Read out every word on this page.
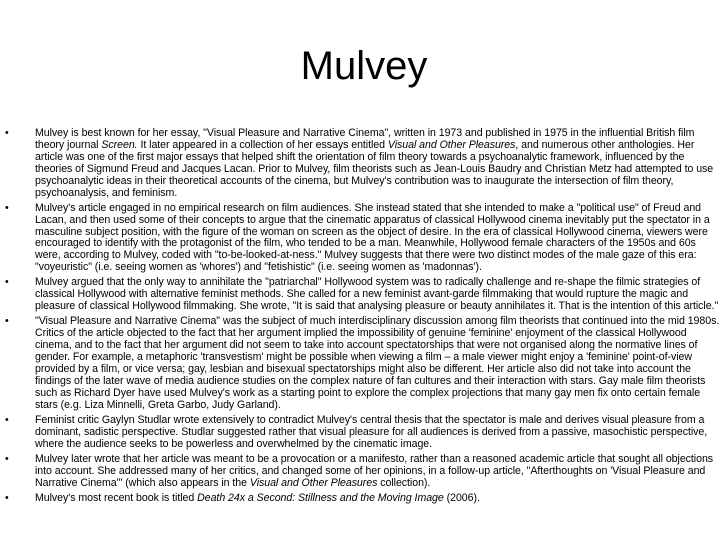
Mulvey
• Mulvey is best known for her essay, "Visual Pleasure and Narrative Cinema", written in 1973 and published in 1975 in the influential British film theory journal Screen. It later appeared in a collection of her essays entitled Visual and Other Pleasures, and numerous other anthologies. Her article was one of the first major essays that helped shift the orientation of film theory towards a psychoanalytic framework, influenced by the theories of Sigmund Freud and Jacques Lacan. Prior to Mulvey, film theorists such as Jean-Louis Baudry and Christian Metz had attempted to use psychoanalytic ideas in their theoretical accounts of the cinema, but Mulvey's contribution was to inaugurate the intersection of film theory, psychoanalysis, and feminism.
• Mulvey's article engaged in no empirical research on film audiences. She instead stated that she intended to make a "political use" of Freud and Lacan, and then used some of their concepts to argue that the cinematic apparatus of classical Hollywood cinema inevitably put the spectator in a masculine subject position, with the figure of the woman on screen as the object of desire. In the era of classical Hollywood cinema, viewers were encouraged to identify with the protagonist of the film, who tended to be a man. Meanwhile, Hollywood female characters of the 1950s and 60s were, according to Mulvey, coded with "to-be-looked-at-ness." Mulvey suggests that there were two distinct modes of the male gaze of this era: "voyeuristic" (i.e. seeing women as 'whores') and "fetishistic" (i.e. seeing women as 'madonnas').
• Mulvey argued that the only way to annihilate the "patriarchal" Hollywood system was to radically challenge and re-shape the filmic strategies of classical Hollywood with alternative feminist methods. She called for a new feminist avant-garde filmmaking that would rupture the magic and pleasure of classical Hollywood filmmaking. She wrote, "It is said that analysing pleasure or beauty annihilates it. That is the intention of this article."
• "Visual Pleasure and Narrative Cinema" was the subject of much interdisciplinary discussion among film theorists that continued into the mid 1980s. Critics of the article objected to the fact that her argument implied the impossibility of genuine 'feminine' enjoyment of the classical Hollywood cinema, and to the fact that her argument did not seem to take into account spectatorships that were not organised along the normative lines of gender. For example, a metaphoric 'transvestism' might be possible when viewing a film – a male viewer might enjoy a 'feminine' point-of-view provided by a film, or vice versa; gay, lesbian and bisexual spectatorships might also be different. Her article also did not take into account the findings of the later wave of media audience studies on the complex nature of fan cultures and their interaction with stars. Gay male film theorists such as Richard Dyer have used Mulvey's work as a starting point to explore the complex projections that many gay men fix onto certain female stars (e.g. Liza Minnelli, Greta Garbo, Judy Garland).
• Feminist critic Gaylyn Studlar wrote extensively to contradict Mulvey's central thesis that the spectator is male and derives visual pleasure from a dominant, sadistic perspective. Studlar suggested rather that visual pleasure for all audiences is derived from a passive, masochistic perspective, where the audience seeks to be powerless and overwhelmed by the cinematic image.
• Mulvey later wrote that her article was meant to be a provocation or a manifesto, rather than a reasoned academic article that sought all objections into account. She addressed many of her critics, and changed some of her opinions, in a follow-up article, "Afterthoughts on 'Visual Pleasure and Narrative Cinema'" (which also appears in the Visual and Other Pleasures collection).
• Mulvey's most recent book is titled Death 24x a Second: Stillness and the Moving Image (2006).
